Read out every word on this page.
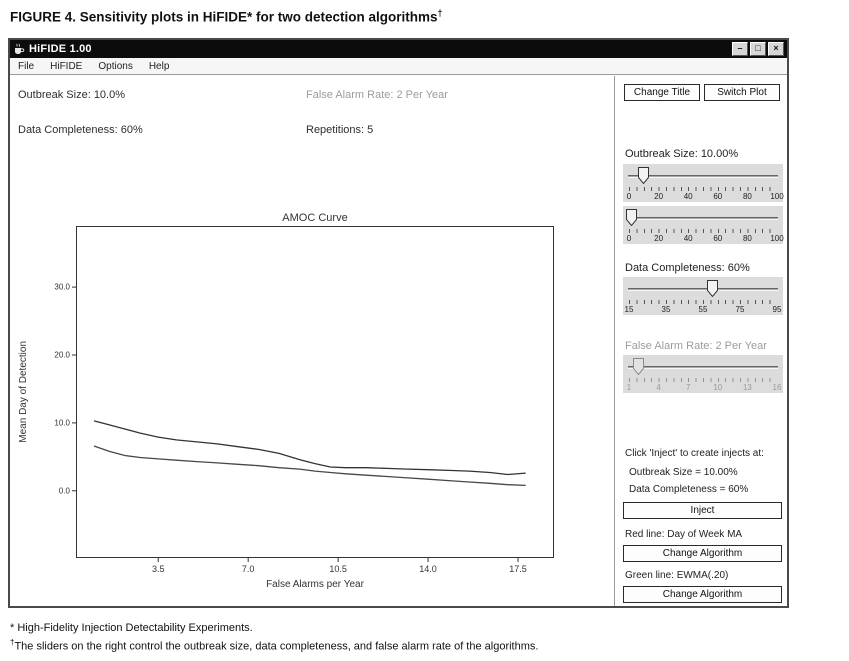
FIGURE 4. Sensitivity plots in HiFIDE* for two detection algorithms†
HiFIDE 1.00	–	□	×
File	HiFIDE	Options	Help
Outbreak Size: 10.0%	False Alarm Rate: 2 Per Year
Data Completeness: 60%	Repetitions: 5
AMOC Curve
Mean Day of Detection
0.0
10.0
20.0
30.0
3.5	7.0	10.5	14.0	17.5
False Alarms per Year
Change Title	Switch Plot
Outbreak Size: 10.00%
0	20	40	60	80 100
0	20	40	60	80 100
Data Completeness: 60%
15	35	55	75	95
False Alarm Rate: 2 Per Year
1	4	7	10	13	16
Click 'Inject' to create injects at:
Outbreak Size = 10.00%
Data Completeness = 60%
Inject
Red line: Day of Week MA
Change Algorithm
Green line: EWMA(.20)
Change Algorithm
* High-Fidelity Injection Detectability Experiments.
†The sliders on the right control the outbreak size, data completeness, and false alarm rate of the algorithms.
